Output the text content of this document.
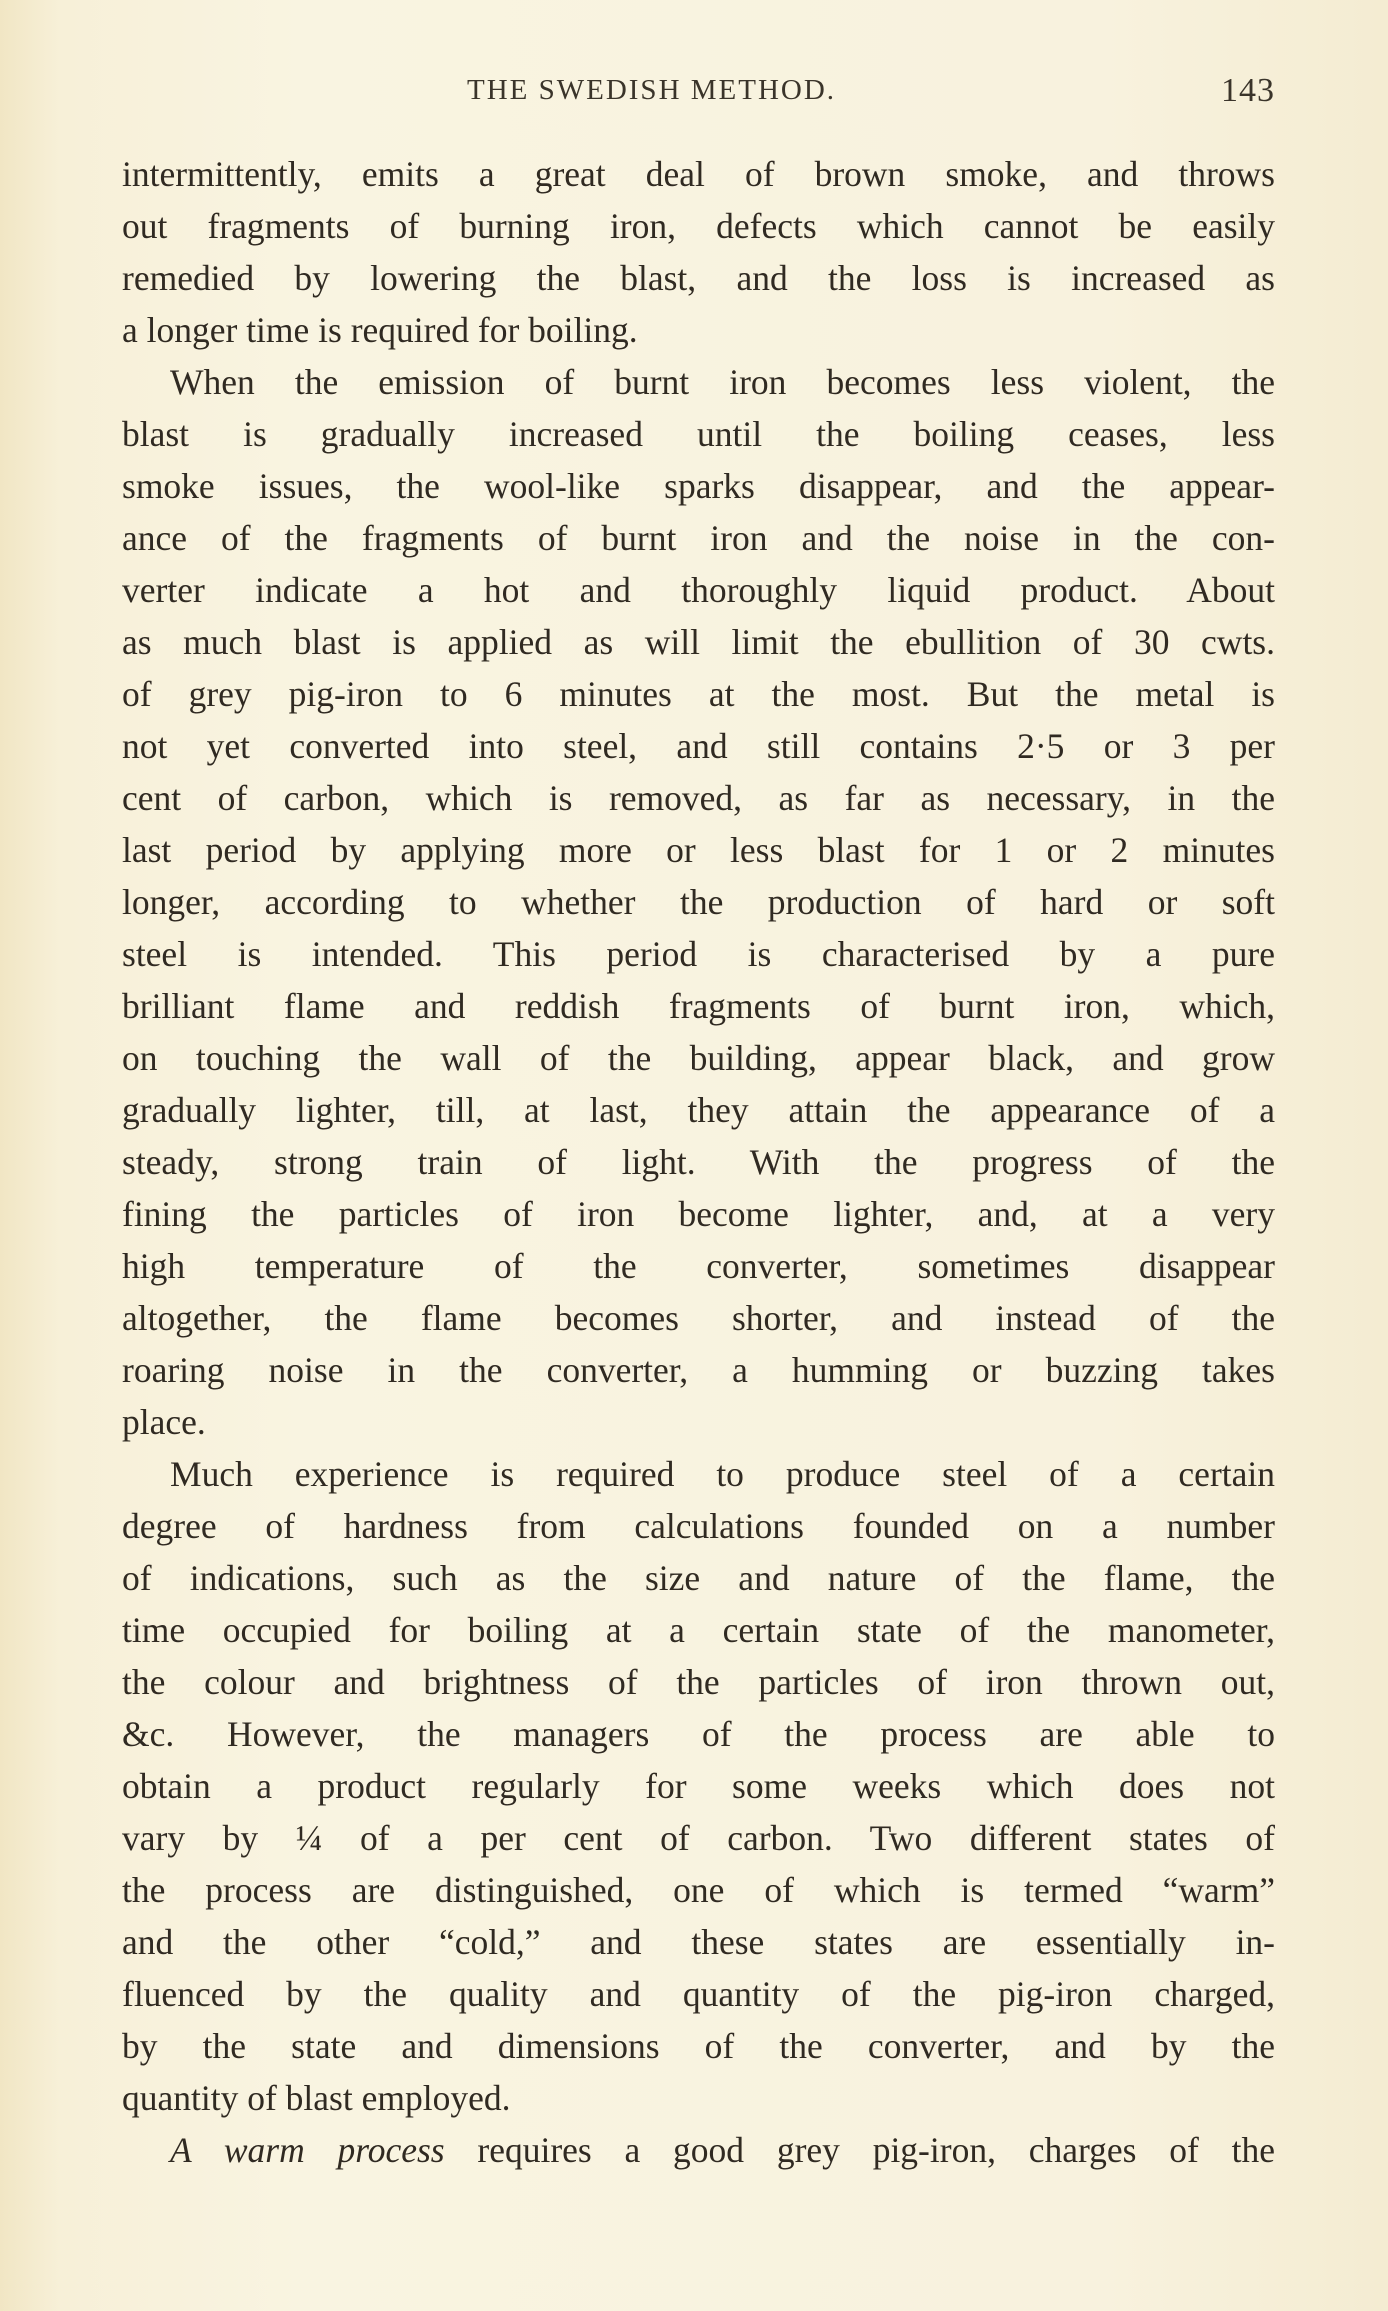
THE SWEDISH METHOD.	143
intermittently, emits a great deal of brown smoke, and throws
out fragments of burning iron, defeсts which cannot be easily
remedied by lowering the blast, and the loss is increased as
a longer time is required for boiling.
When the emission of burnt iron becomes less violent, the
blast is gradually increased until the boiling ceases, less
smoke issues, the wool-like sparks disappear, and the appear-
ance of the fragments of burnt iron and the noise in the con-
verter indicate a hot and thoroughly liquid product. About
as much blast is applied as will limit the ebullition of 30 cwts.
of grey pig-iron to 6 minutes at the most. But the metal is
not yet converted into steel, and still contains 2·5 or 3 per
cent of carbon, which is removed, as far as necessary, in the
last period by applying more or less blast for 1 or 2 minutes
longer, according to whether the production of hard or soft
steel is intended. This period is characterised by a pure
brilliant flame and reddish fragments of burnt iron, which,
on touching the wall of the building, appear black, and grow
gradually lighter, till, at last, they attain the appearance of a
steady, strong train of light. With the progress of the
fining the particles of iron become lighter, and, at a very
high temperature of the converter, sometimes disappear
altogether, the flame becomes shorter, and instead of the
roaring noise in the converter, a humming or buzzing takes
place.
Much experience is required to produce steel of a certain
degree of hardness from calculations founded on a number
of indications, such as the size and nature of the flame, the
time occupied for boiling at a certain state of the manometer,
the colour and brightness of the particles of iron thrown out,
&c. However, the managers of the process are able to
obtain a product regularly for some weeks which does not
vary by ¼ of a per cent of carbon. Two different states of
the process are distinguished, one of which is termed “warm”
and the other “cold,” and these states are essentially in-
fluenced by the quality and quantity of the pig-iron charged,
by the state and dimensions of the converter, and by the
quantity of blast employed.
A warm process requires a good grey pig-iron, charges of the
